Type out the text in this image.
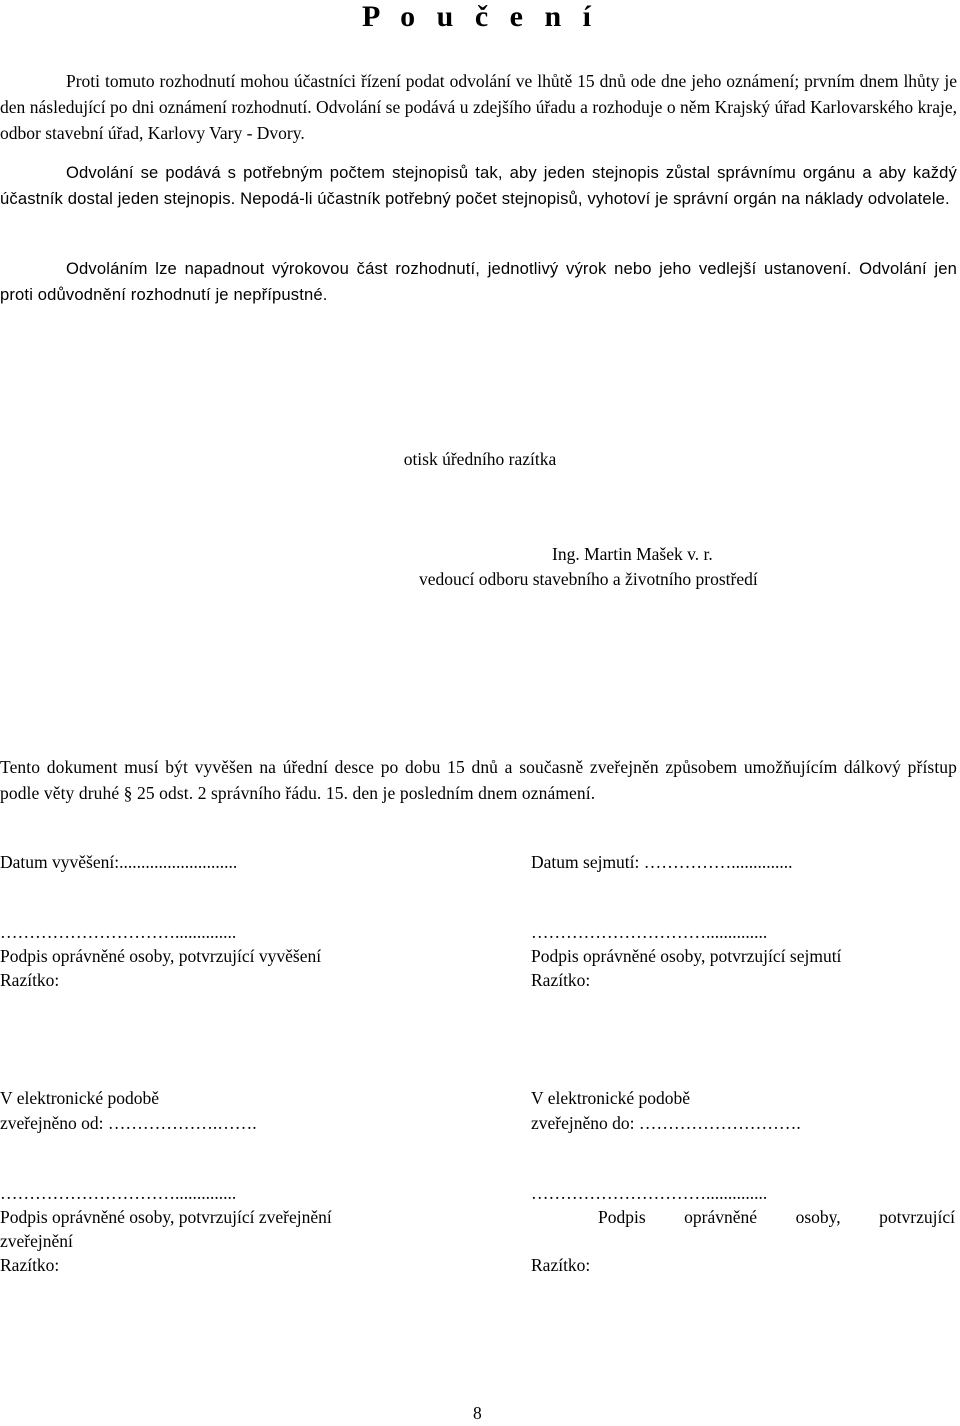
P o u č e n í

Proti tomuto rozhodnutí mohou účastníci řízení podat odvolání ve lhůtě 15 dnů ode dne jeho oznámení; prvním dnem lhůty je den následující po dni oznámení rozhodnutí. Odvolání se podává u zdejšího úřadu a rozhoduje o něm Krajský úřad Karlovarského kraje, odbor stavební úřad, Karlovy Vary - Dvory.

Odvolání se podává s potřebným počtem stejnopisů tak, aby jeden stejnopis zůstal správnímu orgánu a aby každý účastník dostal jeden stejnopis. Nepodá-li účastník potřebný počet stejnopisů, vyhotoví je správní orgán na náklady odvolatele.

Odvoláním lze napadnout výrokovou část rozhodnutí, jednotlivý výrok nebo jeho vedlejší ustanovení. Odvolání jen proti odůvodnění rozhodnutí je nepřípustné.

otisk úředního razítka
Ing. Martin Mašek v. r.
vedoucí odboru stavebního a životního prostředí

Tento dokument musí být vyvěšen na úřední desce po dobu 15 dnů a současně zveřejněn způsobem umožňujícím dálkový přístup podle věty druhé § 25 odst. 2 správního řádu. 15. den je posledním dnem oznámení.

Datum vyvěšení:...........................
…………………………..............
Podpis oprávněné osoby, potvrzující vyvěšení
Razítko:
Datum sejmutí: ……………..............
…………………………..............
Podpis oprávněné osoby, potvrzující sejmutí
Razítko:
V elektronické podobě
zveřejněno od: ……………….…….
…………………………..............
Podpis oprávněné osoby, potvrzující zveřejnění
zveřejnění
Razítko:
V elektronické podobě
zveřejněno do: ……………………….
…………………………..............
Podpis oprávněné osoby, potvrzující
Razítko:
8
